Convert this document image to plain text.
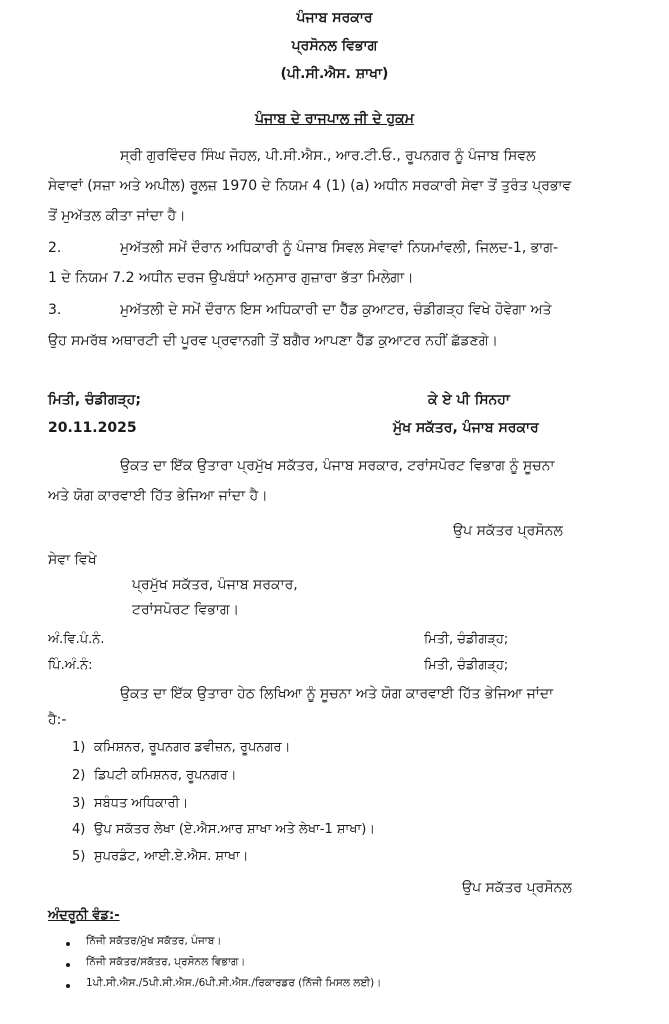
ਪੰਜਾਬ ਸਰਕਾਰ
ਪ੍ਰਸੋਨਲ ਵਿਭਾਗ
(ਪੀ.ਸੀ.ਐਸ. ਸ਼ਾਖਾ)
ਪੰਜਾਬ ਦੇ ਰਾਜਪਾਲ ਜੀ ਦੇ ਹੁਕਮ
ਸ੍ਰੀ ਗੁਰਵਿੰਦਰ ਸਿੰਘ ਜੋਹਲ, ਪੀ.ਸੀ.ਐਸ., ਆਰ.ਟੀ.ਓ., ਰੂਪਨਗਰ ਨੂੰ ਪੰਜਾਬ ਸਿਵਲ
ਸੇਵਾਵਾਂ (ਸਜ਼ਾ ਅਤੇ ਅਪੀਲ) ਰੂਲਜ਼ 1970 ਦੇ ਨਿਯਮ 4 (1) (a) ਅਧੀਨ ਸਰਕਾਰੀ ਸੇਵਾ ਤੋਂ ਤੁਰੰਤ ਪ੍ਰਭਾਵ
ਤੋਂ ਮੁਅੱਤਲ ਕੀਤਾ ਜਾਂਦਾ ਹੈ।
2.	ਮੁਅੱਤਲੀ ਸਮੇਂ ਦੌਰਾਨ ਅਧਿਕਾਰੀ ਨੂੰ ਪੰਜਾਬ ਸਿਵਲ ਸੇਵਾਵਾਂ ਨਿਯਮਾਂਵਲੀ, ਜਿਲਦ-1, ਭਾਗ-
1 ਦੇ ਨਿਯਮ 7.2 ਅਧੀਨ ਦਰਜ ਉਪਬੰਧਾਂ ਅਨੁਸਾਰ ਗੁਜ਼ਾਰਾ ਭੱਤਾ ਮਿਲੇਗਾ।
3.	ਮੁਅੱਤਲੀ ਦੇ ਸਮੇਂ ਦੌਰਾਨ ਇਸ ਅਧਿਕਾਰੀ ਦਾ ਹੈੱਡ ਕੁਆਟਰ, ਚੰਡੀਗੜ੍ਹ ਵਿਖੇ ਹੋਵੇਗਾ ਅਤੇ
ਉਹ ਸਮਰੱਥ ਅਥਾਰਟੀ ਦੀ ਪੂਰਵ ਪ੍ਰਵਾਨਗੀ ਤੋਂ ਬਗੈਰ ਆਪਣਾ ਹੈੱਡ ਕੁਆਟਰ ਨਹੀਂ ਛੱਡਣਗੇ।
ਮਿਤੀ, ਚੰਡੀਗੜ੍ਹ;
20.11.2025
ਕੇ ਏ ਪੀ ਸਿਨਹਾ
ਮੁੱਖ ਸਕੱਤਰ, ਪੰਜਾਬ ਸਰਕਾਰ
ਉਕਤ ਦਾ ਇੱਕ ਉਤਾਰਾ ਪ੍ਰਮੁੱਖ ਸਕੱਤਰ, ਪੰਜਾਬ ਸਰਕਾਰ, ਟਰਾਂਸਪੋਰਟ ਵਿਭਾਗ ਨੂੰ ਸੂਚਨਾ
ਅਤੇ ਯੋਗ ਕਾਰਵਾਈ ਹਿੱਤ ਭੇਜਿਆ ਜਾਂਦਾ ਹੈ।
ਉਪ ਸਕੱਤਰ ਪ੍ਰਸੋਨਲ
ਸੇਵਾ ਵਿਖੇ
ਪ੍ਰਮੁੱਖ ਸਕੱਤਰ, ਪੰਜਾਬ ਸਰਕਾਰ,
ਟਰਾਂਸਪੋਰਟ ਵਿਭਾਗ।
ਅੰ.ਵਿ.ਪੰ.ਨੰ.	ਮਿਤੀ, ਚੰਡੀਗੜ੍ਹ;
ਪਿੰ.ਅੰ.ਨੰ:	ਮਿਤੀ, ਚੰਡੀਗੜ੍ਹ;
ਉਕਤ ਦਾ ਇੱਕ ਉਤਾਰਾ ਹੇਠ ਲਿਖਿਆ ਨੂੰ ਸੂਚਨਾ ਅਤੇ ਯੋਗ ਕਾਰਵਾਈ ਹਿੱਤ ਭੇਜਿਆ ਜਾਂਦਾ
ਹੈ:-
1) ਕਮਿਸ਼ਨਰ, ਰੂਪਨਗਰ ਡਵੀਜ਼ਨ, ਰੂਪਨਗਰ।
2) ਡਿਪਟੀ ਕਮਿਸ਼ਨਰ, ਰੂਪਨਗਰ।
3) ਸਬੰਧਤ ਅਧਿਕਾਰੀ।
4) ਉਪ ਸਕੱਤਰ ਲੇਖਾ (ਏ.ਐਸ.ਆਰ ਸ਼ਾਖਾ ਅਤੇ ਲੇਖਾ-1 ਸ਼ਾਖਾ)।
5) ਸੁਪਰਡੰਟ, ਆਈ.ਏ.ਐਸ. ਸ਼ਾਖਾ।
ਉਪ ਸਕੱਤਰ ਪ੍ਰਸੋਨਲ
ਅੰਦਰੂਨੀ ਵੰਡ:-
ਨਿੱਜੀ ਸਕੱਤਰ/ਮੁੱਖ ਸਕੱਤਰ, ਪੰਜਾਬ।
ਨਿੱਜੀ ਸਕੱਤਰ/ਸਕੱਤਰ, ਪ੍ਰਸੋਨਲ ਵਿਭਾਗ।
1ਪੀ.ਸੀ.ਐਸ./5ਪੀ.ਸੀ.ਐਸ./6ਪੀ.ਸੀ.ਐਸ./ਰਿਕਾਰਡਰ (ਨਿੱਜੀ ਮਿਸਲ ਲਈ)।
